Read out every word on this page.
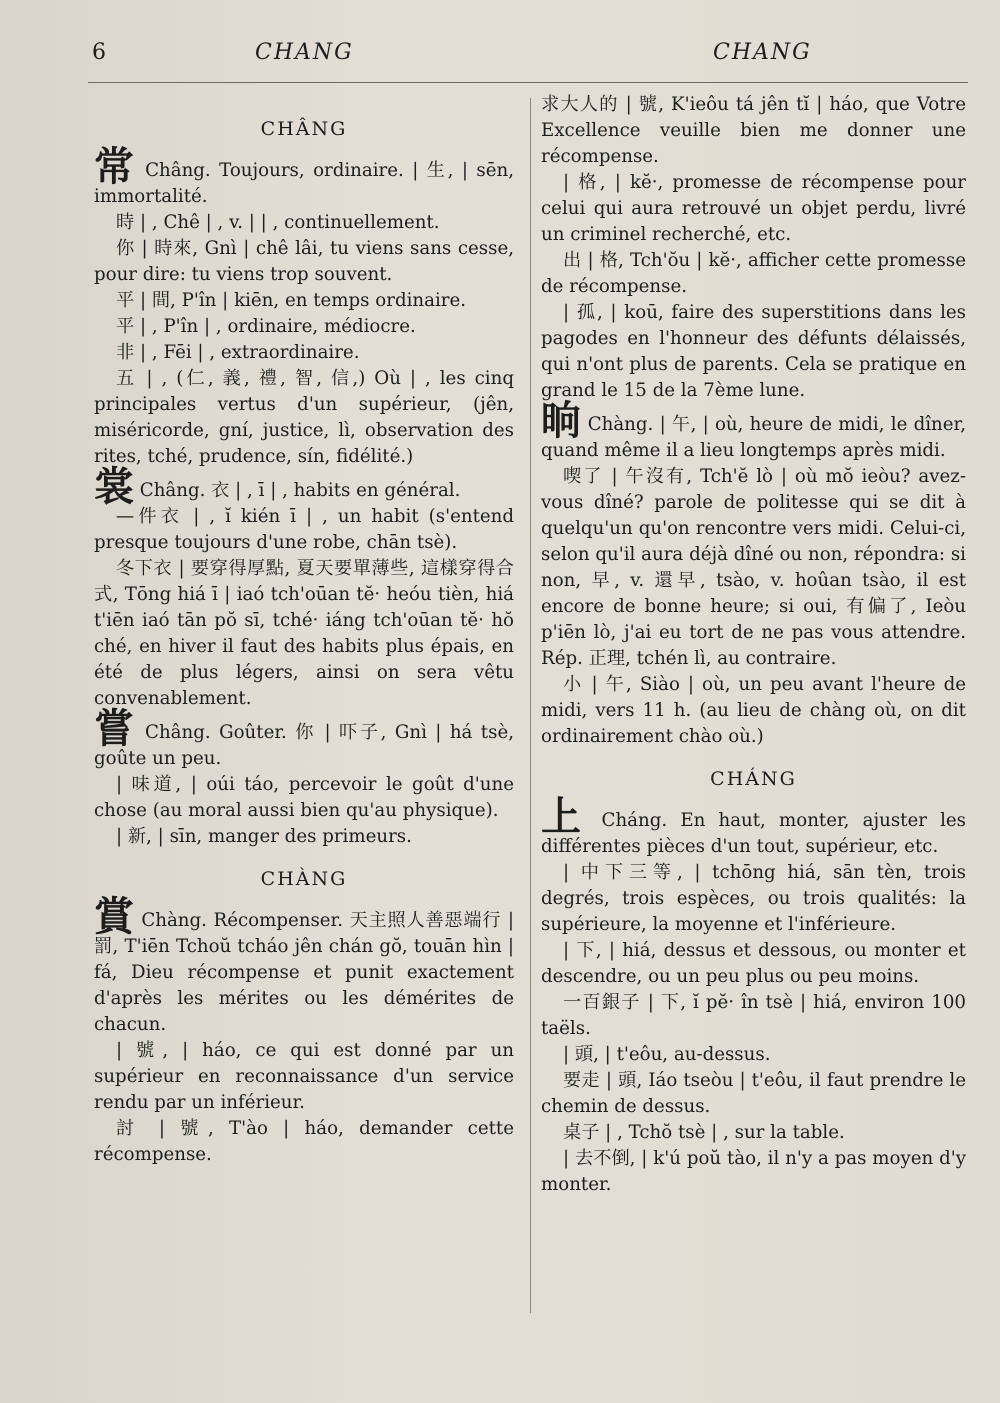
6	CHANG	CHANG
CHÂNG

常 Châng. Toujours, ordinaire. | 生, | sēn, immortalité.

時 | , Chê | , v. | | , continuellement.

你 | 時來, Gnì | chê lâi, tu viens sans cesse, pour dire: tu viens trop souvent.

平 | 間, P'în | kiēn, en temps ordinaire.

平 | , P'în | , ordinaire, médiocre.

非 | , Fēi | , extraordinaire.

五 | , (仁, 義, 禮, 智, 信,) Où | , les cinq principales vertus d'un supérieur, (jên, miséricorde, gní, justice, lì, observation des rites, tché, prudence, sín, fidélité.)

裳 Châng. 衣 | , ī | , habits en général.

—件衣 | , ĭ kién ī | , un habit (s'entend presque toujours d'une robe, chān tsè).

冬下衣 | 要穿得厚點, 夏天要單薄些, 這樣穿得合式, Tōng hiá ī | iaó tch'oūan tĕ· heóu tièn, hiá t'iēn iaó tān pŏ sī, tché· iáng tch'oūan tĕ· hŏ ché, en hiver il faut des habits plus épais, en été de plus légers, ainsi on sera vêtu convenablement.

嘗 Châng. Goûter. 你 | 吓子, Gnì | há tsè, goûte un peu.

| 味道, | oúi táo, percevoir le goût d'une chose (au moral aussi bien qu'au physique).

| 新, | sīn, manger des primeurs.

CHÀNG

賞 Chàng. Récompenser. 天主照人善惡端行 | 罰, T'iēn Tchoŭ tcháo jên chán gŏ, touān hìn | fá, Dieu récompense et punit exactement d'après les mérites ou les démérites de chacun.

| 號, | háo, ce qui est donné par un supérieur en reconnaissance d'un service rendu par un inférieur.

討 | 號, T'ào | háo, demander cette récompense.

求大人的 | 號, K'ieôu tá jên tĭ | háo, que Votre Excellence veuille bien me donner une récompense.

| 格, | kĕ·, promesse de récompense pour celui qui aura retrouvé un objet perdu, livré un criminel recherché, etc.

出 | 格, Tch'ŏu | kĕ·, afficher cette promesse de récompense.

| 孤, | koū, faire des superstitions dans les pagodes en l'honneur des défunts délaissés, qui n'ont plus de parents. Cela se pratique en grand le 15 de la 7ème lune.

晌 Chàng. | 午, | où, heure de midi, le dîner, quand même il a lieu longtemps après midi.

喫了 | 午沒有, Tch'ĕ lò | où mŏ ieòu? avez-vous dîné? parole de politesse qui se dit à quelqu'un qu'on rencontre vers midi. Celui-ci, selon qu'il aura déjà dîné ou non, répondra: si non, 早, v. 還早, tsào, v. hoûan tsào, il est encore de bonne heure; si oui, 有偏了, Ieòu p'iēn lò, j'ai eu tort de ne pas vous attendre. Rép. 正理, tchén lì, au contraire.

小 | 午, Siào | où, un peu avant l'heure de midi, vers 11 h. (au lieu de chàng où, on dit ordinairement chào où.)

CHÁNG

上 Cháng. En haut, monter, ajuster les différentes pièces d'un tout, supérieur, etc.

| 中下三等, | tchōng hiá, sān tèn, trois degrés, trois espèces, ou trois qualités: la supérieure, la moyenne et l'inférieure.

| 下, | hiá, dessus et dessous, ou monter et descendre, ou un peu plus ou peu moins.

一百銀子 | 下, ĭ pĕ· în tsè | hiá, environ 100 taëls.

| 頭, | t'eôu, au-dessus.

要走 | 頭, Iáo tseòu | t'eôu, il faut prendre le chemin de dessus.

桌子 | , Tchŏ tsè | , sur la table.

| 去不倒, | k'ú poŭ tào, il n'y a pas moyen d'y monter.
